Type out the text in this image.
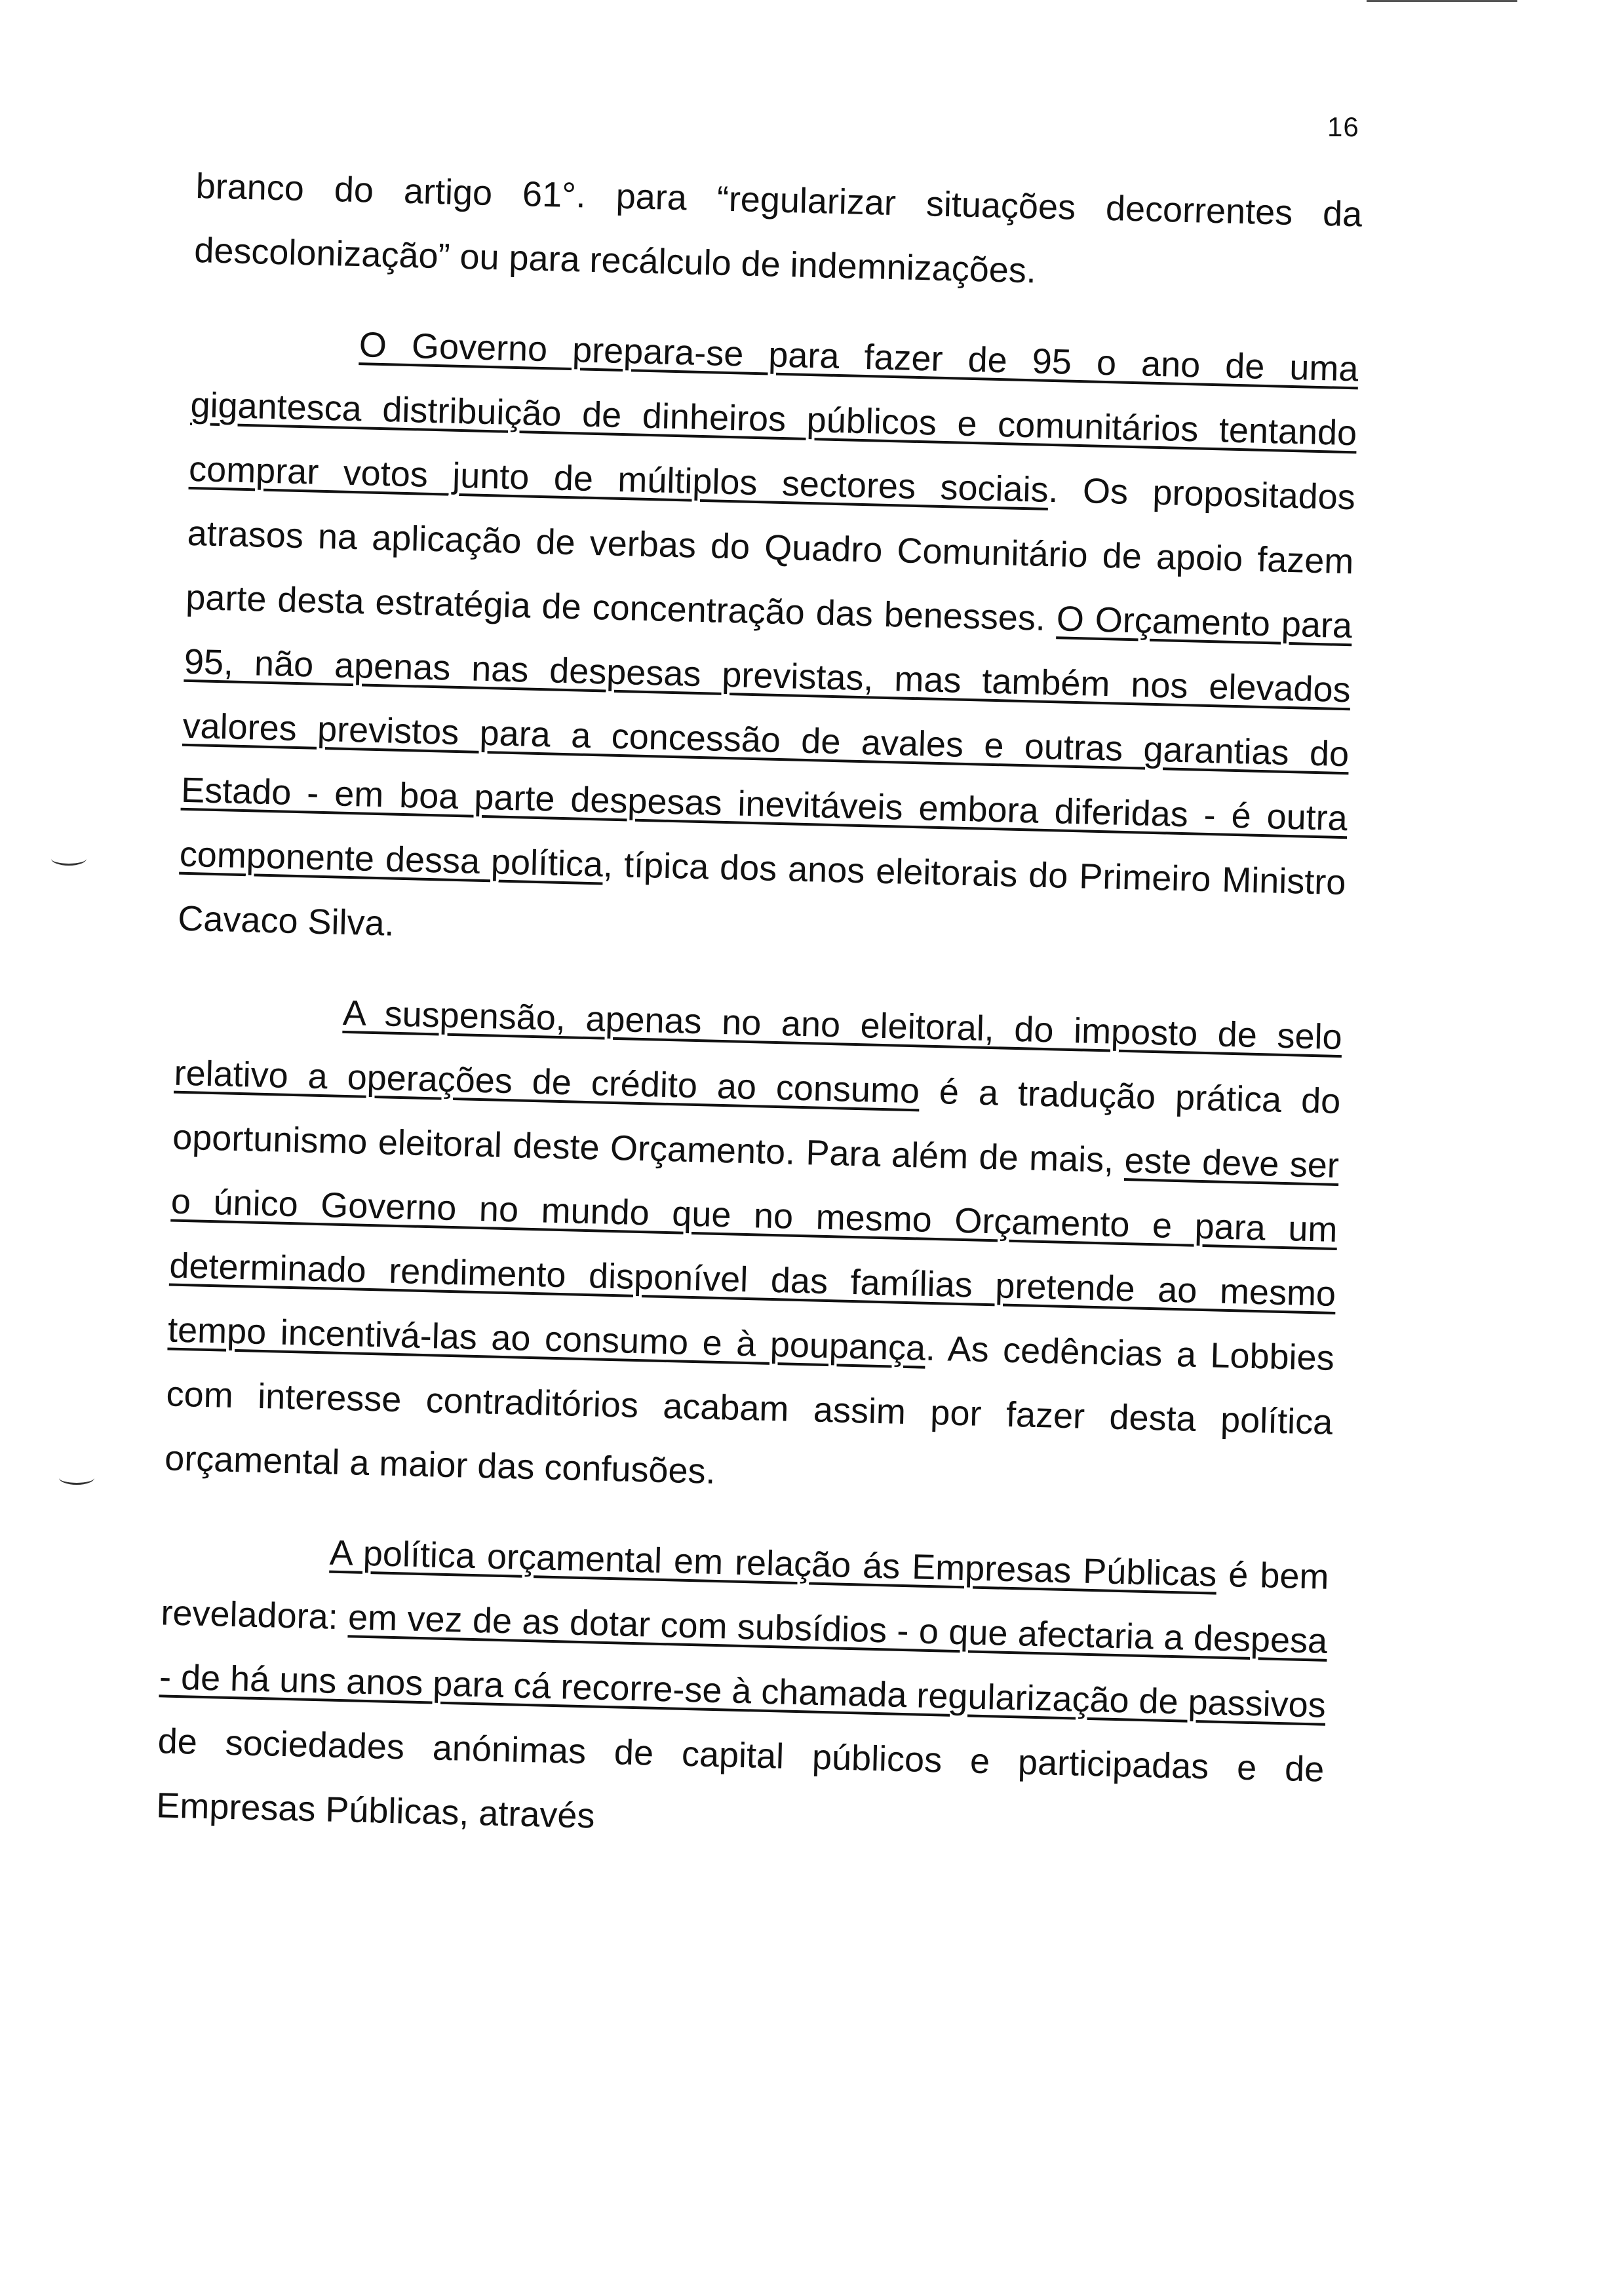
16

branco do artigo 61°. para “regularizar situações decorrentes da descolonização” ou para recálculo de indemnizações.

O Governo prepara-se para fazer de 95 o ano de uma gigantesca distribuição de dinheiros públicos e comunitários tentando comprar votos junto de múltiplos sectores sociais. Os propositados atrasos na aplicação de verbas do Quadro Comunitário de apoio fazem parte desta estratégia de concentração das benesses. O Orçamento para 95, não apenas nas despesas previstas, mas também nos elevados valores previstos para a concessão de avales e outras garantias do Estado - em boa parte despesas inevitáveis embora diferidas - é outra componente dessa política, típica dos anos eleitorais do Primeiro Ministro Cavaco Silva.

A suspensão, apenas no ano eleitoral, do imposto de selo relativo a operações de crédito ao consumo é a tradução prática do oportunismo eleitoral deste Orçamento. Para além de mais, este deve ser o único Governo no mundo que no mesmo Orçamento e para um determinado rendimento disponível das famílias pretende ao mesmo tempo incentivá-las ao consumo e à poupança. As cedências a Lobbies com interesse contraditórios acabam assim por fazer desta política orçamental a maior das confusões.

A política orçamental em relação ás Empresas Públicas é bem reveladora: em vez de as dotar com subsídios - o que afectaria a despesa - de há uns anos para cá recorre-se à chamada regularização de passivos de sociedades anónimas de capital públicos e participadas e de Empresas Públicas, através
